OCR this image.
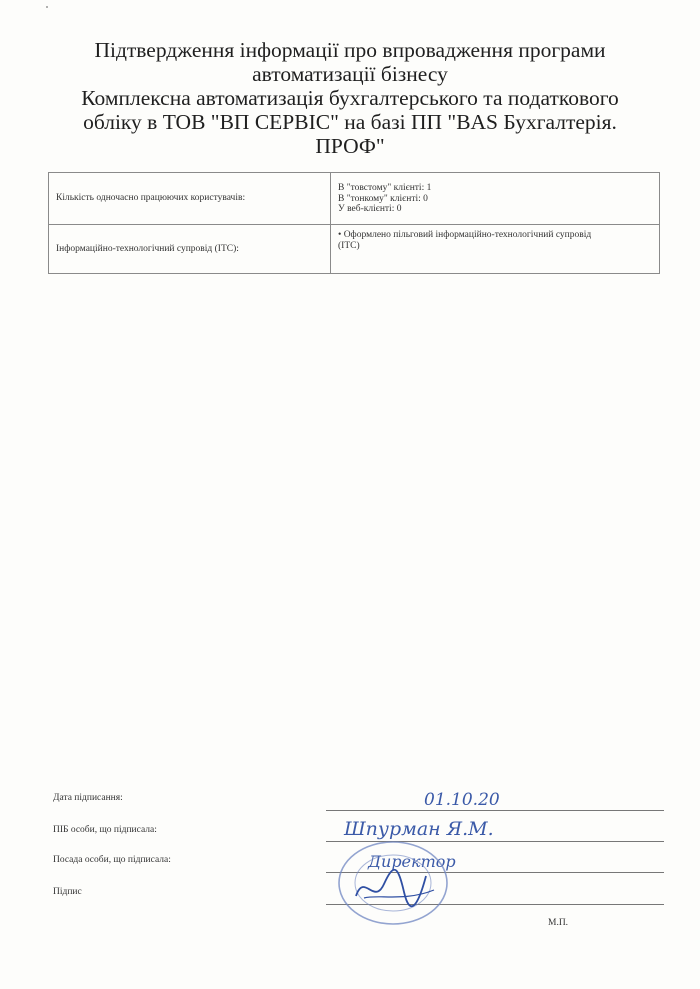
Підтвердження інформації про впровадження програми
автоматизації бізнесу
Комплексна автоматизація бухгалтерського та податкового
обліку в ТОВ "ВП СЕРВІС" на базі ПП "BAS Бухгалтерія.
ПРОФ"
Кількість одночасно працюючих користувачів:	В "товстому" клієнті: 1
В "тонкому" клієнті: 0
У веб-клієнті: 0

Інформаційно-технологічний супровід (ІТС):	• Оформлено пільговий інформаційно-технологічний супровід
(ІТС)
Дата підписання:	01.10.20
ПІБ особи, що підписала:	Шпурман Я.М.
Посада особи, що підписала:	Директор
Підпис
М.П.
